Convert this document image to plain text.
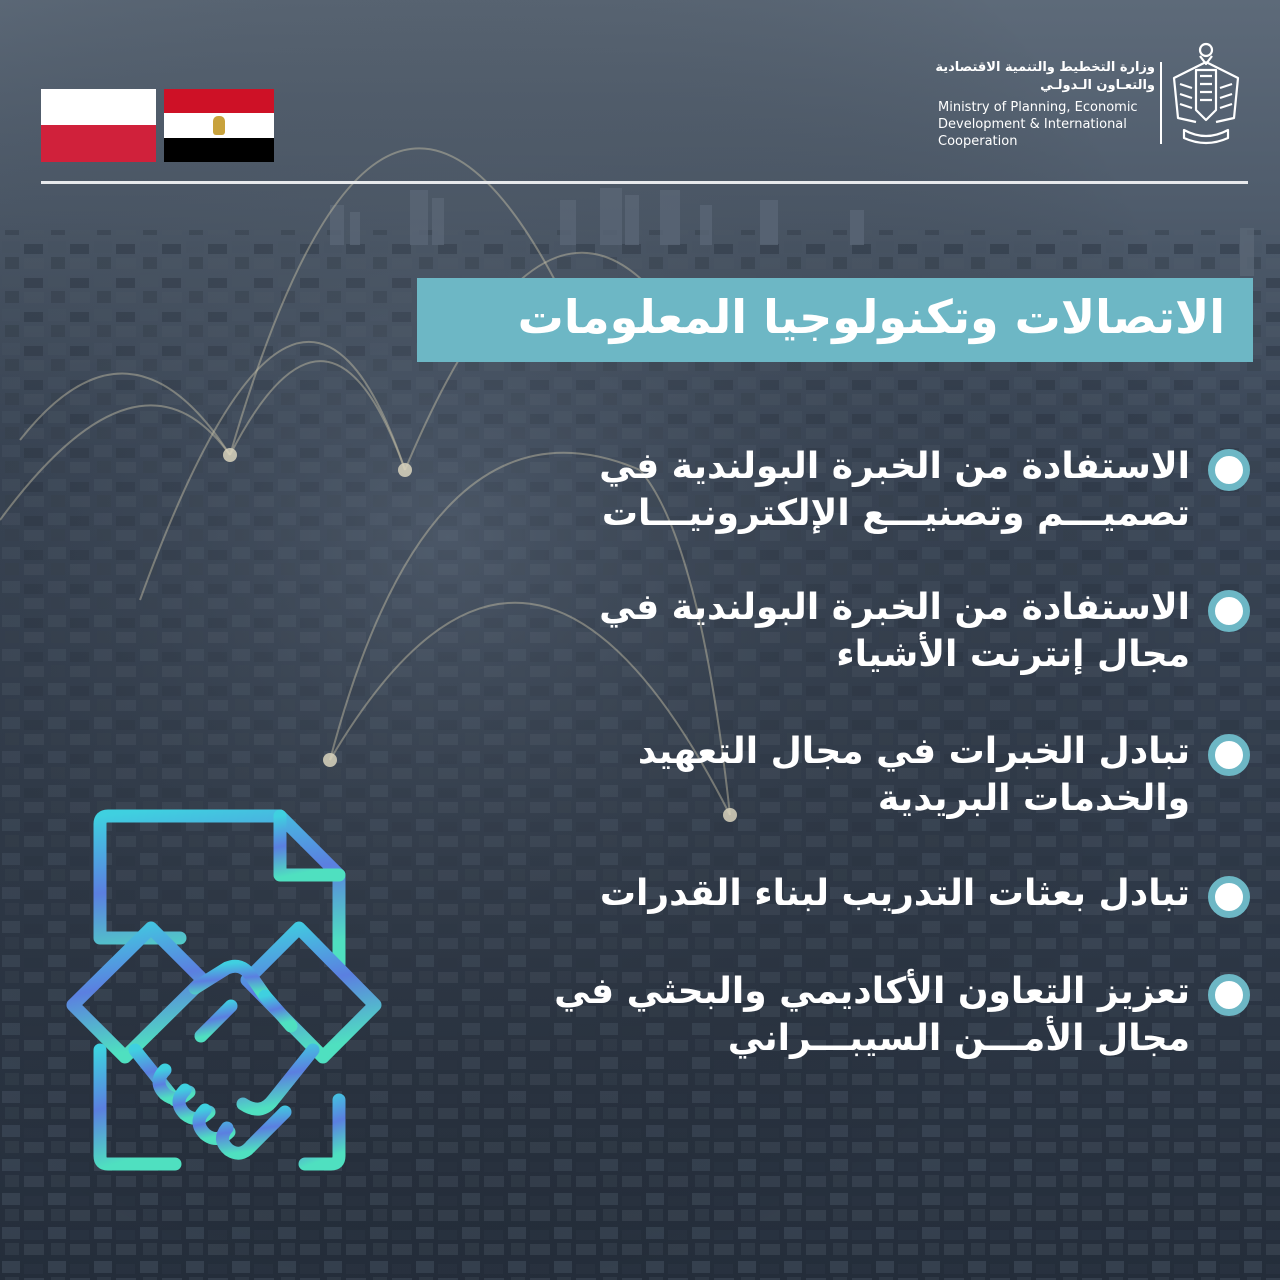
وزارة التخطيط والتنمية الاقتصادية
والتعـاون الـدولـي
Ministry of Planning, Economic
Development & International
Cooperation
الاتصالات وتكنولوجيا المعلومات
الاستفادة من الخبرة البولندية في
تصميـــم وتصنيـــع الإلكترونيـــات
الاستفادة من الخبرة البولندية في
مجال إنترنت الأشياء
تبادل الخبرات في مجال التعهيد
والخدمات البريدية
تبادل بعثات التدريب لبناء القدرات
تعزيز التعاون الأكاديمي والبحثي في
مجال الأمـــن السيبـــراني
